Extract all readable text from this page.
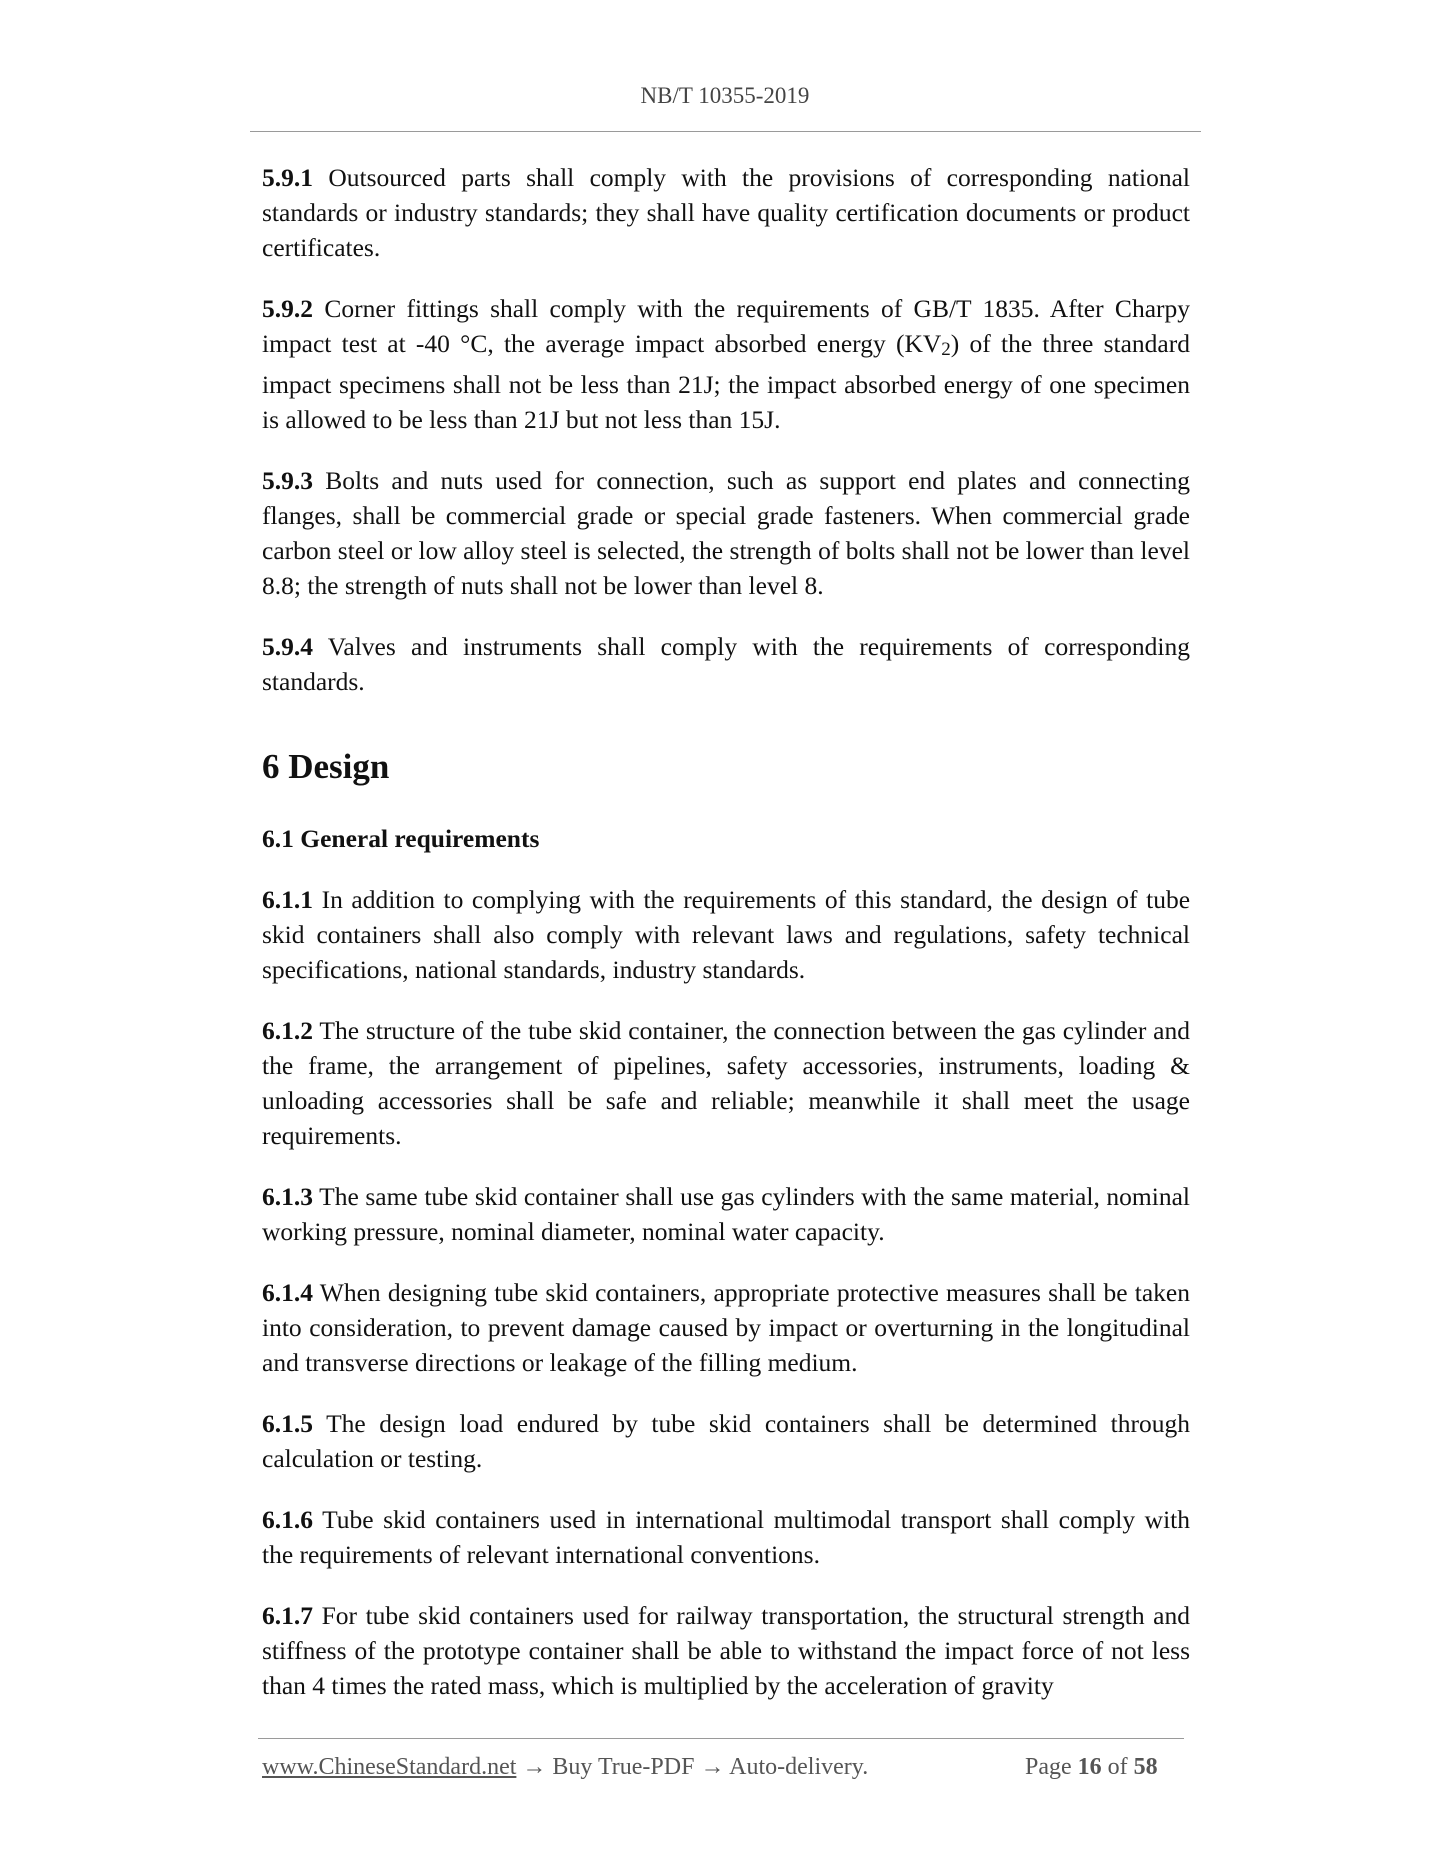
NB/T 10355-2019

5.9.1 Outsourced parts shall comply with the provisions of corresponding national standards or industry standards; they shall have quality certification documents or product certificates.

5.9.2 Corner fittings shall comply with the requirements of GB/T 1835. After Charpy impact test at -40 °C, the average impact absorbed energy (KV2) of the three standard impact specimens shall not be less than 21J; the impact absorbed energy of one specimen is allowed to be less than 21J but not less than 15J.

5.9.3 Bolts and nuts used for connection, such as support end plates and connecting flanges, shall be commercial grade or special grade fasteners. When commercial grade carbon steel or low alloy steel is selected, the strength of bolts shall not be lower than level 8.8; the strength of nuts shall not be lower than level 8.

5.9.4 Valves and instruments shall comply with the requirements of corresponding standards.

6 Design
6.1 General requirements

6.1.1 In addition to complying with the requirements of this standard, the design of tube skid containers shall also comply with relevant laws and regulations, safety technical specifications, national standards, industry standards.

6.1.2 The structure of the tube skid container, the connection between the gas cylinder and the frame, the arrangement of pipelines, safety accessories, instruments, loading & unloading accessories shall be safe and reliable; meanwhile it shall meet the usage requirements.

6.1.3 The same tube skid container shall use gas cylinders with the same material, nominal working pressure, nominal diameter, nominal water capacity.

6.1.4 When designing tube skid containers, appropriate protective measures shall be taken into consideration, to prevent damage caused by impact or overturning in the longitudinal and transverse directions or leakage of the filling medium.

6.1.5 The design load endured by tube skid containers shall be determined through calculation or testing.

6.1.6 Tube skid containers used in international multimodal transport shall comply with the requirements of relevant international conventions.

6.1.7 For tube skid containers used for railway transportation, the structural strength and stiffness of the prototype container shall be able to withstand the impact force of not less than 4 times the rated mass, which is multiplied by the acceleration of gravity

www.ChineseStandard.net → Buy True-PDF → Auto-delivery.	Page 16 of 58
